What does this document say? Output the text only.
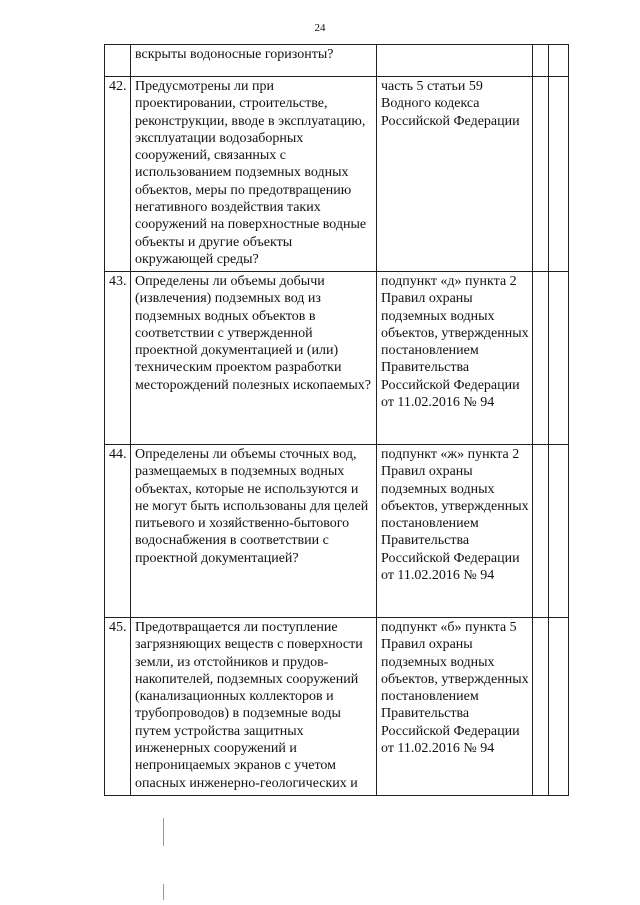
24
	вскрыты водоносные горизонты?			
42.	Предусмотрены ли при проектировании, строительстве, реконструкции, вводе в эксплуатацию, эксплуатации водозаборных сооружений, связанных с использованием подземных водных объектов, меры по предотвращению негативного воздействия таких сооружений на поверхностные водные объекты и другие объекты окружающей среды?	часть 5 статьи 59 Водного кодекса Российской Федерации		
43.	Определены ли объемы добычи (извлечения) подземных вод из подземных водных объектов в соответствии с утвержденной проектной документацией и (или) техническим проектом разработки месторождений полезных ископаемых?	подпункт «д» пункта 2 Правил охраны подземных водных объектов, утвержденных постановлением Правительства Российской Федерации от 11.02.2016 № 94		
44.	Определены ли объемы сточных вод, размещаемых в подземных водных объектах, которые не используются и не могут быть использованы для целей питьевого и хозяйственно-бытового водоснабжения в соответствии с проектной документацией?	подпункт «ж» пункта 2 Правил охраны подземных водных объектов, утвержденных постановлением Правительства Российской Федерации от 11.02.2016 № 94		
45.	Предотвращается ли поступление загрязняющих веществ с поверхности земли, из отстойников и прудов-накопителей, подземных сооружений (канализационных коллекторов и трубопроводов) в подземные воды путем устройства защитных инженерных сооружений и непроницаемых экранов с учетом опасных инженерно-геологических и	подпункт «б» пункта 5 Правил охраны подземных водных объектов, утвержденных постановлением Правительства Российской Федерации от 11.02.2016 № 94		
